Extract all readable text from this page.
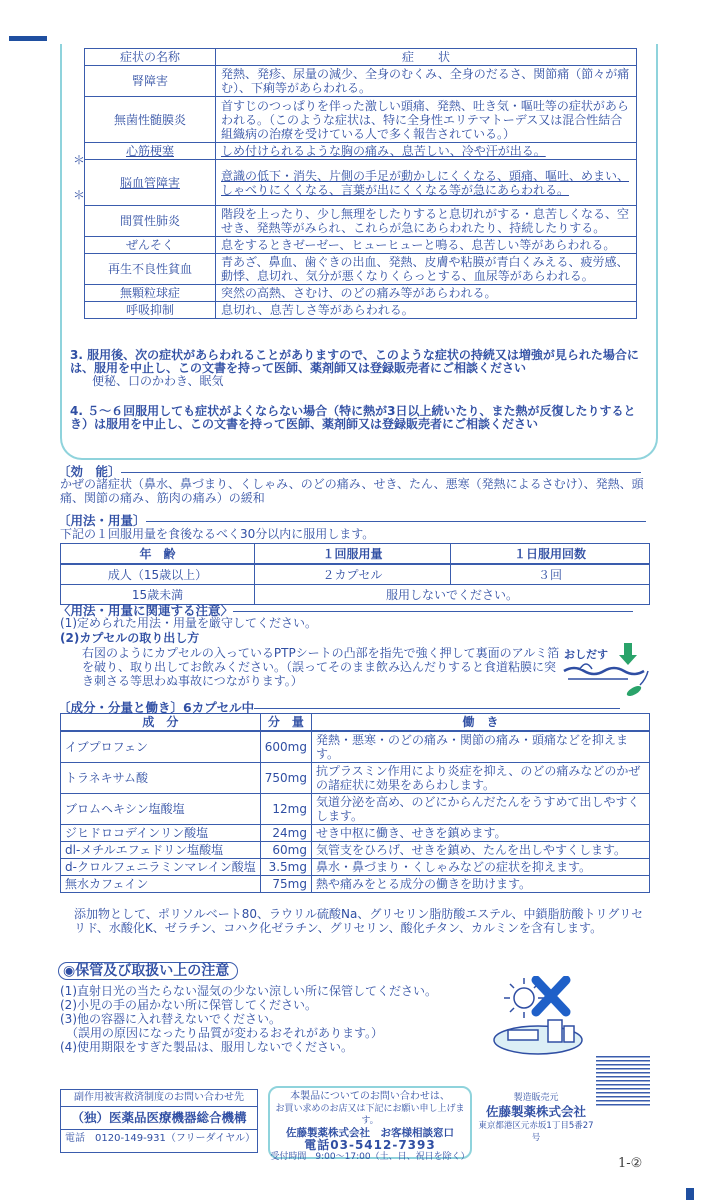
症状の名称	症　　状
腎障害	発熱、発疹、尿量の減少、全身のむくみ、全身のだるさ、関節痛（節々が痛む）、下痢等があらわれる。
無菌性髄膜炎	首すじのつっぱりを伴った激しい頭痛、発熱、吐き気・嘔吐等の症状があらわれる。（このような症状は、特に全身性エリテマトーデス又は混合性結合組織病の治療を受けている人で多く報告されている。）
心筋梗塞	しめ付けられるような胸の痛み、息苦しい、冷や汗が出る。
脳血管障害	意識の低下・消失、片側の手足が動かしにくくなる、頭痛、嘔吐、めまい、しゃべりにくくなる、言葉が出にくくなる等が急にあらわれる。
間質性肺炎	階段を上ったり、少し無理をしたりすると息切れがする・息苦しくなる、空せき、発熱等がみられ、これらが急にあらわれたり、持続したりする。
ぜんそく	息をするときゼーゼー、ヒューヒューと鳴る、息苦しい等があらわれる。
再生不良性貧血	青あざ、鼻血、歯ぐきの出血、発熱、皮膚や粘膜が青白くみえる、疲労感、動悸、息切れ、気分が悪くなりくらっとする、血尿等があらわれる。
無顆粒球症	突然の高熱、さむけ、のどの痛み等があらわれる。
呼吸抑制	息切れ、息苦しさ等があらわれる。
＊
＊
3. 服用後、次の症状があらわれることがありますので、このような症状の持続又は増強が見られた場合には、服用を中止し、この文書を持って医師、薬剤師又は登録販売者にご相談ください
便秘、口のかわき、眠気
4. ５～６回服用しても症状がよくならない場合（特に熱が3日以上続いたり、また熱が反復したりするとき）は服用を中止し、この文書を持って医師、薬剤師又は登録販売者にご相談ください
〔効　能〕
かぜの諸症状（鼻水、鼻づまり、くしゃみ、のどの痛み、せき、たん、悪寒（発熱によるさむけ）、発熱、頭痛、関節の痛み、筋肉の痛み）の緩和
〔用法・用量〕
下記の１回服用量を食後なるべく30分以内に服用します。
年　齢	１回服用量	１日服用回数
成人（15歳以上）	２カプセル	３回
15歳未満	服用しないでください。	
〈用法・用量に関連する注意〉
(1)定められた用法・用量を厳守してください。
(2)カプセルの取り出し方
右図のようにカプセルの入っているPTPシートの凸部を指先で強く押して裏面のアルミ箔を破り、取り出してお飲みください。（誤ってそのまま飲み込んだりすると食道粘膜に突き刺さる等思わぬ事故につながります。）
おしだす
〔成分・分量と働き〕6カプセル中
成　分	分　量	働　き
イブプロフェン	600mg	発熱・悪寒・のどの痛み・関節の痛み・頭痛などを抑えます。
トラネキサム酸	750mg	抗プラスミン作用により炎症を抑え、のどの痛みなどのかぜの諸症状に効果をあらわします。
ブロムヘキシン塩酸塩	12mg	気道分泌を高め、のどにからんだたんをうすめて出しやすくします。
ジヒドロコデインリン酸塩	24mg	せき中枢に働き、せきを鎮めます。
dl-メチルエフェドリン塩酸塩	60mg	気管支をひろげ、せきを鎮め、たんを出しやすくします。
d-クロルフェニラミンマレイン酸塩	3.5mg	鼻水・鼻づまり・くしゃみなどの症状を抑えます。
無水カフェイン	75mg	熱や痛みをとる成分の働きを助けます。
添加物として、ポリソルベート80、ラウリル硫酸Na、グリセリン脂肪酸エステル、中鎖脂肪酸トリグリセリド、水酸化K、ゼラチン、コハク化ゼラチン、グリセリン、酸化チタン、カルミンを含有します。
◉保管及び取扱い上の注意
(1)直射日光の当たらない湿気の少ない涼しい所に保管してください。
(2)小児の手の届かない所に保管してください。
(3)他の容器に入れ替えないでください。
　（誤用の原因になったり品質が変わるおそれがあります。）
(4)使用期限をすぎた製品は、服用しないでください。
副作用被害救済制度のお問い合わせ先
（独）医薬品医療機器総合機構
電話　0120-149-931（フリーダイヤル）
本製品についてのお問い合わせは、
お買い求めのお店又は下記にお願い申し上げます。
佐藤製薬株式会社　お客様相談窓口
電話03-5412-7393
受付時間　9:00～17:00（土、日、祝日を除く）
製造販売元
佐藤製薬株式会社
東京都港区元赤坂1丁目5番27号
1-②
